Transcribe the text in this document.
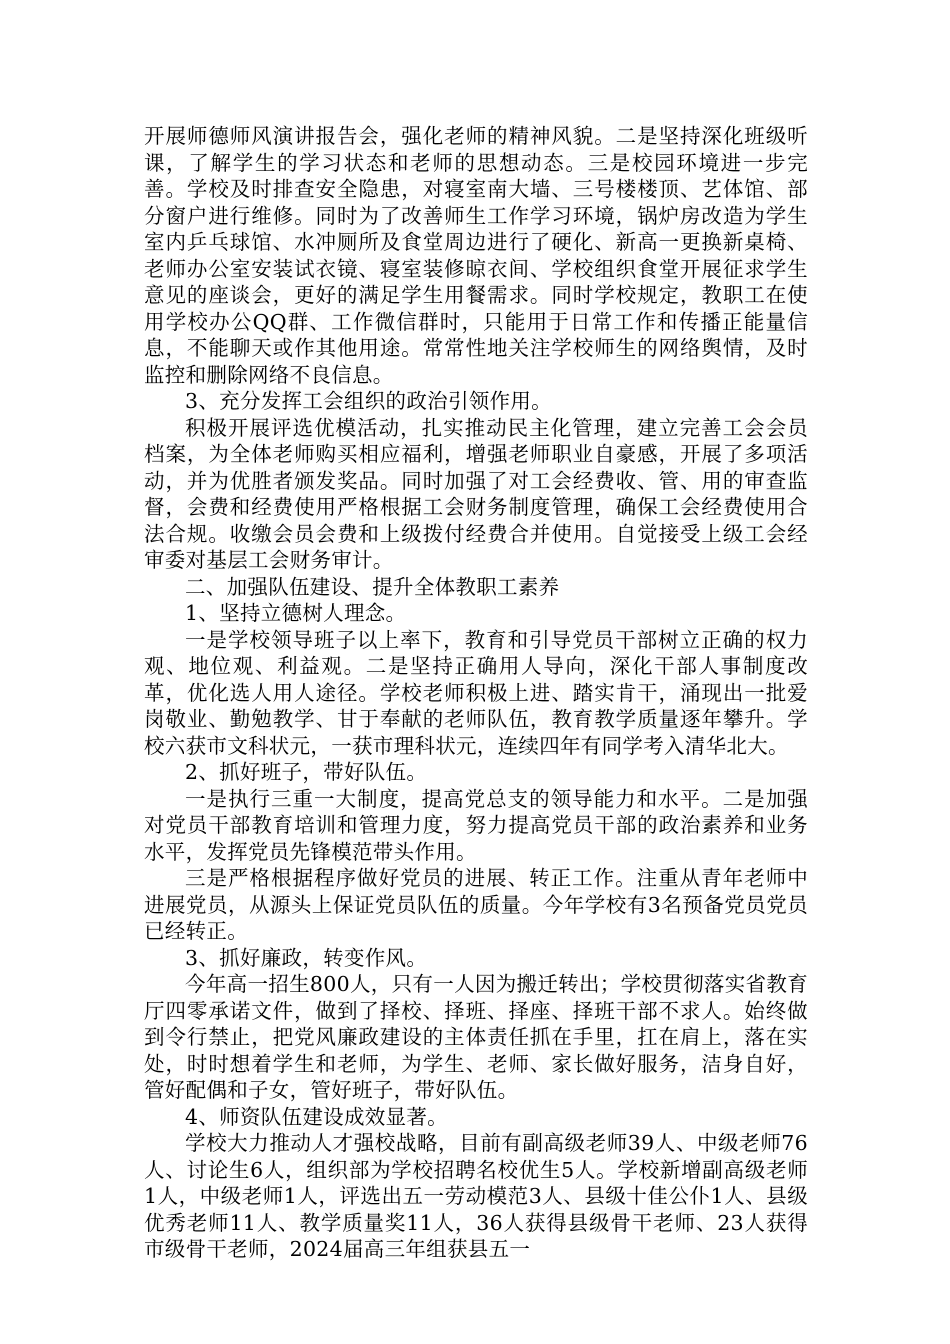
开展师德师风演讲报告会，强化老师的精神风貌。二是坚持深化班级听课，了解学生的学习状态和老师的思想动态。三是校园环境进一步完善。学校及时排查安全隐患，对寝室南大墙、三号楼楼顶、艺体馆、部分窗户进行维修。同时为了改善师生工作学习环境，锅炉房改造为学生室内乒乓球馆、水冲厕所及食堂周边进行了硬化、新高一更换新桌椅、老师办公室安装试衣镜、寝室装修晾衣间、学校组织食堂开展征求学生意见的座谈会，更好的满足学生用餐需求。同时学校规定，教职工在使用学校办公QQ群、工作微信群时，只能用于日常工作和传播正能量信息，不能聊天或作其他用途。常常性地关注学校师生的网络舆情，及时监控和删除网络不良信息。

3、充分发挥工会组织的政治引领作用。

积极开展评选优模活动，扎实推动民主化管理，建立完善工会会员档案，为全体老师购买相应福利，增强老师职业自豪感，开展了多项活动，并为优胜者颁发奖品。同时加强了对工会经费收、管、用的审查监督，会费和经费使用严格根据工会财务制度管理，确保工会经费使用合法合规。收缴会员会费和上级拨付经费合并使用。自觉接受上级工会经审委对基层工会财务审计。

二、加强队伍建设、提升全体教职工素养

1、坚持立德树人理念。

一是学校领导班子以上率下，教育和引导党员干部树立正确的权力观、地位观、利益观。二是坚持正确用人导向，深化干部人事制度改革，优化选人用人途径。学校老师积极上进、踏实肯干，涌现出一批爱岗敬业、勤勉教学、甘于奉献的老师队伍，教育教学质量逐年攀升。学校六获市文科状元，一获市理科状元，连续四年有同学考入清华北大。

2、抓好班子，带好队伍。

一是执行三重一大制度，提高党总支的领导能力和水平。二是加强对党员干部教育培训和管理力度，努力提高党员干部的政治素养和业务水平，发挥党员先锋模范带头作用。

三是严格根据程序做好党员的进展、转正工作。注重从青年老师中进展党员，从源头上保证党员队伍的质量。今年学校有3名预备党员党员已经转正。

3、抓好廉政，转变作风。

今年高一招生800人，只有一人因为搬迁转出；学校贯彻落实省教育厅四零承诺文件，做到了择校、择班、择座、择班干部不求人。始终做到令行禁止，把党风廉政建设的主体责任抓在手里，扛在肩上，落在实处，时时想着学生和老师，为学生、老师、家长做好服务，洁身自好，管好配偶和子女，管好班子，带好队伍。

4、师资队伍建设成效显著。

学校大力推动人才强校战略，目前有副高级老师39人、中级老师76人、讨论生6人，组织部为学校招聘名校优生5人。学校新增副高级老师1人，中级老师1人，评选出五一劳动模范3人、县级十佳公仆1人、县级优秀老师11人、教学质量奖11人，36人获得县级骨干老师、23人获得市级骨干老师，2024届高三年组获县五一
